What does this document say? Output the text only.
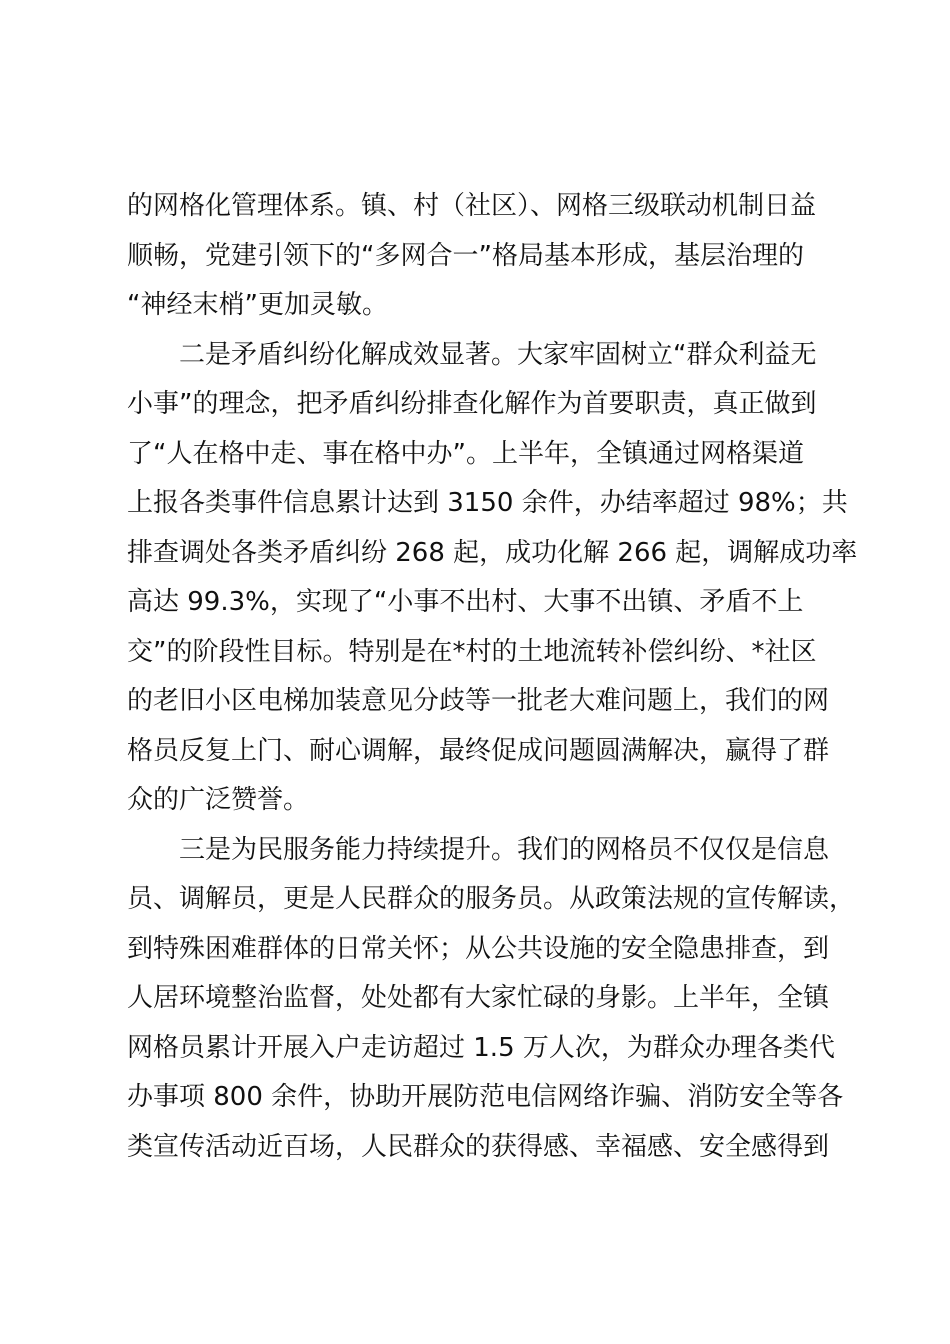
的网格化管理体系。镇、村（社区）、网格三级联动机制日益
顺畅，党建引领下的“多网合一”格局基本形成，基层治理的
“神经末梢”更加灵敏。
二是矛盾纠纷化解成效显著。大家牢固树立“群众利益无
小事”的理念，把矛盾纠纷排查化解作为首要职责，真正做到
了“人在格中走、事在格中办”。上半年，全镇通过网格渠道
上报各类事件信息累计达到 3150 余件，办结率超过 98%；共
排查调处各类矛盾纠纷 268 起，成功化解 266 起，调解成功率
高达 99.3%，实现了“小事不出村、大事不出镇、矛盾不上
交”的阶段性目标。特别是在*村的土地流转补偿纠纷、*社区
的老旧小区电梯加装意见分歧等一批老大难问题上，我们的网
格员反复上门、耐心调解，最终促成问题圆满解决，赢得了群
众的广泛赞誉。
三是为民服务能力持续提升。我们的网格员不仅仅是信息
员、调解员，更是人民群众的服务员。从政策法规的宣传解读，
到特殊困难群体的日常关怀；从公共设施的安全隐患排查，到
人居环境整治监督，处处都有大家忙碌的身影。上半年，全镇
网格员累计开展入户走访超过 1.5 万人次，为群众办理各类代
办事项 800 余件，协助开展防范电信网络诈骗、消防安全等各
类宣传活动近百场，人民群众的获得感、幸福感、安全感得到
